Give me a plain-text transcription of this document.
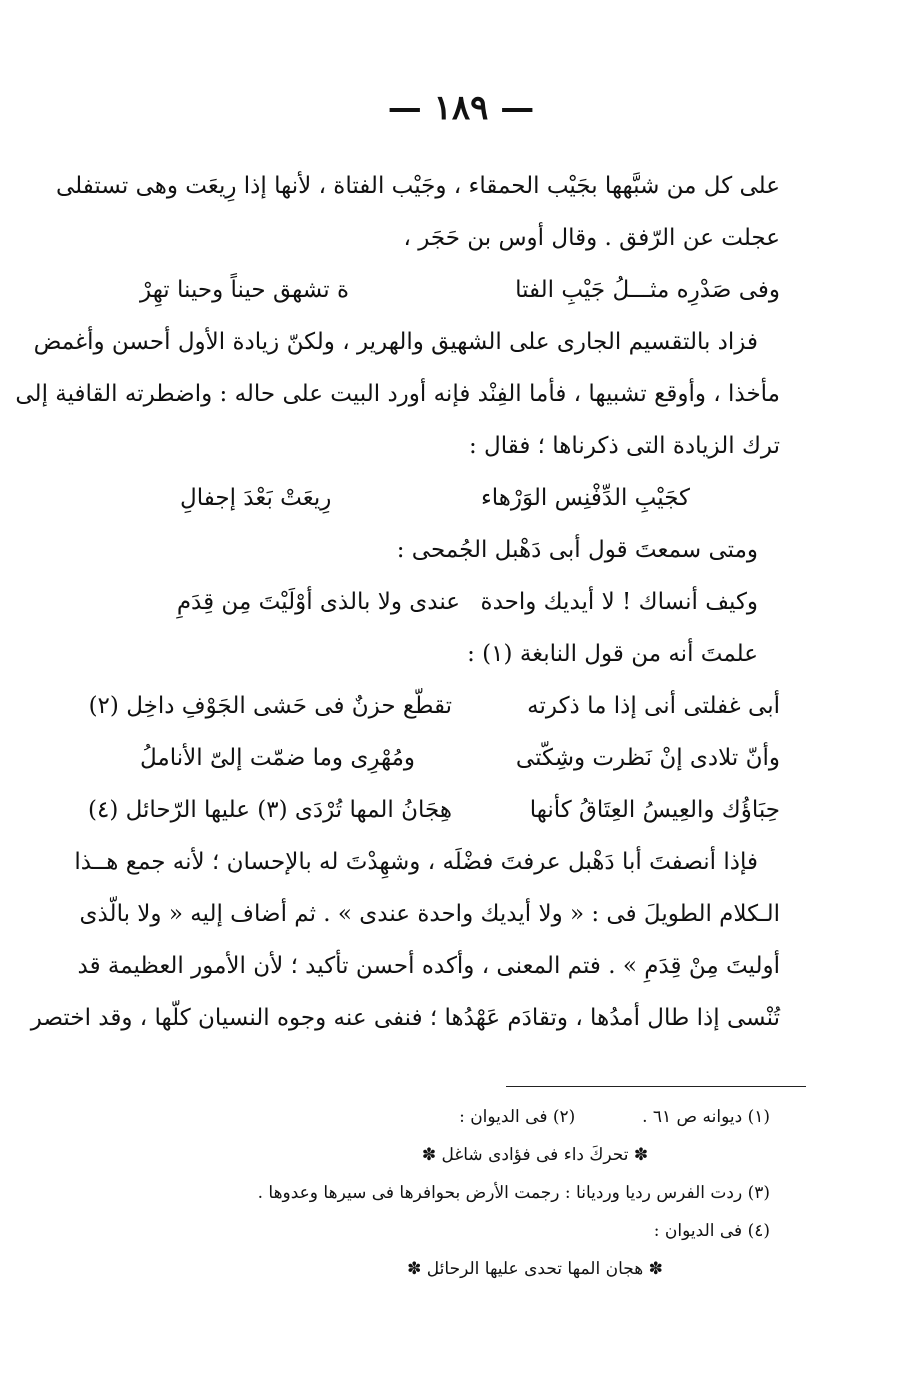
— ١٨٩ —
على كل من شبَّهها بجَيْب الحمقاء ، وجَيْب الفتاة ، لأنها إذا رِيعَت وهى تستفلى
عجلت عن الرّفق . وقال أوس بن حَجَر ،
وفى صَدْرِه مثـــلُ جَيْبِ الفتا
ة تشهق حيناً وحينا تهِرْ
فزاد بالتقسيم الجارى على الشهيق والهرير ، ولكنّ زيادة الأول أحسن وأغمض
مأخذا ، وأوقع تشبيها ، فأما الفِنْد فإنه أورد البيت على حاله : واضطرته القافية إلى
ترك الزيادة التى ذكرناها ؛ فقال :
كجَيْبِ الدِّفْنِس الوَرْهاء
رِيعَتْ بَعْدَ إجفالِ
ومتى سمعتَ قول أبى دَهْبل الجُمحى :
وكيف أنساك ! لا أيديك واحدة
عندى ولا بالذى أوْلَيْتَ مِن قِدَمِ
علمتَ أنه من قول النابغة (١) :
أبى غفلتى أنى إذا ما ذكرته
تقطّع حزنٌ فى حَشى الجَوْفِ داخِل (٢)
وأنّ تلادى إنْ نَظرت وشِكّتى
ومُهْرِى وما ضمّت إلىّ الأناملُ
حِبَاؤُك والعِيسُ العِتَاقُ كأنها
هِجَانُ المها تُرْدَى (٣) عليها الرّحائل (٤)
فإذا أنصفتَ أبا دَهْبل عرفتَ فضْلَه ، وشهِدْتَ له بالإحسان ؛ لأنه جمع هــذا
الـكلام الطويلَ فى : « ولا أيديك واحدة عندى » . ثم أضاف إليه « ولا بالّذى
أوليتَ مِنْ قِدَمِ » . فتم المعنى ، وأكده أحسن تأكيد ؛ لأن الأمور العظيمة قد
تُنْسى إذا طال أمدُها ، وتقادَم عَهْدُها ؛ فنفى عنه وجوه النسيان كلّها ، وقد اختصر
(١) ديوانه ص ٦١ .  (٢) فى الديوان :
✽ تحركَ داء فى فؤادى شاغل ✽
(٣) ردت الفرس رديا ورديانا : رجمت الأرض بحوافرها فى سيرها وعدوها .
(٤) فى الديوان :
✽ هجان المها تحدى عليها الرحائل ✽
